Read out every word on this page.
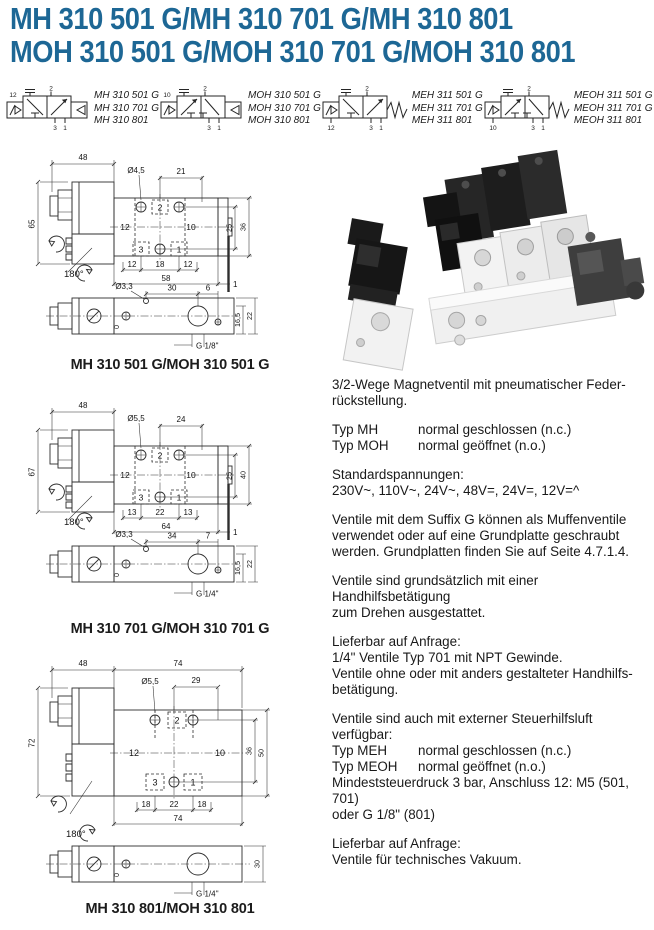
MH 310 501 G/MH 310 701 G/MH 310 801
MOH 310 501 G/MOH 310 701 G/MOH 310 801
12
2
3 1
MH 310 501 G
MH 310 701 G
MH 310 801
10
2
3 1
MOH 310 501 G
MOH 310 701 G
MOH 310 801
12
2
3 1
MEH 311 501 G
MEH 311 701 G
MEH 311 801
10
2
3 1
MEOH 311 501 G
MEOH 311 701 G
MEOH 311 801
48
65
2
12	10
3	1
Ø4,5	21
25 36
12 18 12
58
1
180°
0
Ø3,3	30	6
16,5 22
G 1/8"
MH 310 501 G/MOH 310 501 G
48
67
2
12	10
3	1
Ø5,5	24
25 40
13 22 13
64
1
180°
0
Ø3,3	34	7
16,5 22
G 1/4"
MH 310 701 G/MOH 310 701 G
48	74
72
2
12	10
3	1
Ø5,5	29
36 50
18 22 18
74
180°
0
30
G 1/4''
MH 310 801/MOH 310 801
3/2-Wege Magnetventil mit pneumatischer Feder-
rückstellung.
Typ MH	normal geschlossen (n.c.)
Typ MOH	normal geöffnet (n.o.)
Standardspannungen:
230V~, 110V~, 24V~, 48V=, 24V=, 12V=^
Ventile mit dem Suffix G können als Muffenventile
verwendet oder auf eine Grundplatte geschraubt
werden. Grundplatten finden Sie auf Seite 4.7.1.4.
Ventile sind grundsätzlich mit einer Handhilfsbetätigung
zum Drehen ausgestattet.
Lieferbar auf Anfrage:
1/4" Ventile Typ 701 mit NPT Gewinde.
Ventile ohne oder mit anders gestalteter Handhilfs-
betätigung.
Ventile sind auch mit externer Steuerhilfsluft verfügbar:
Typ MEH	normal geschlossen (n.c.)
Typ MEOH	normal geöffnet (n.o.)
Mindeststeuerdruck 3 bar, Anschluss 12: M5 (501, 701)
oder G 1/8" (801)
Lieferbar auf Anfrage:
Ventile für technisches Vakuum.
